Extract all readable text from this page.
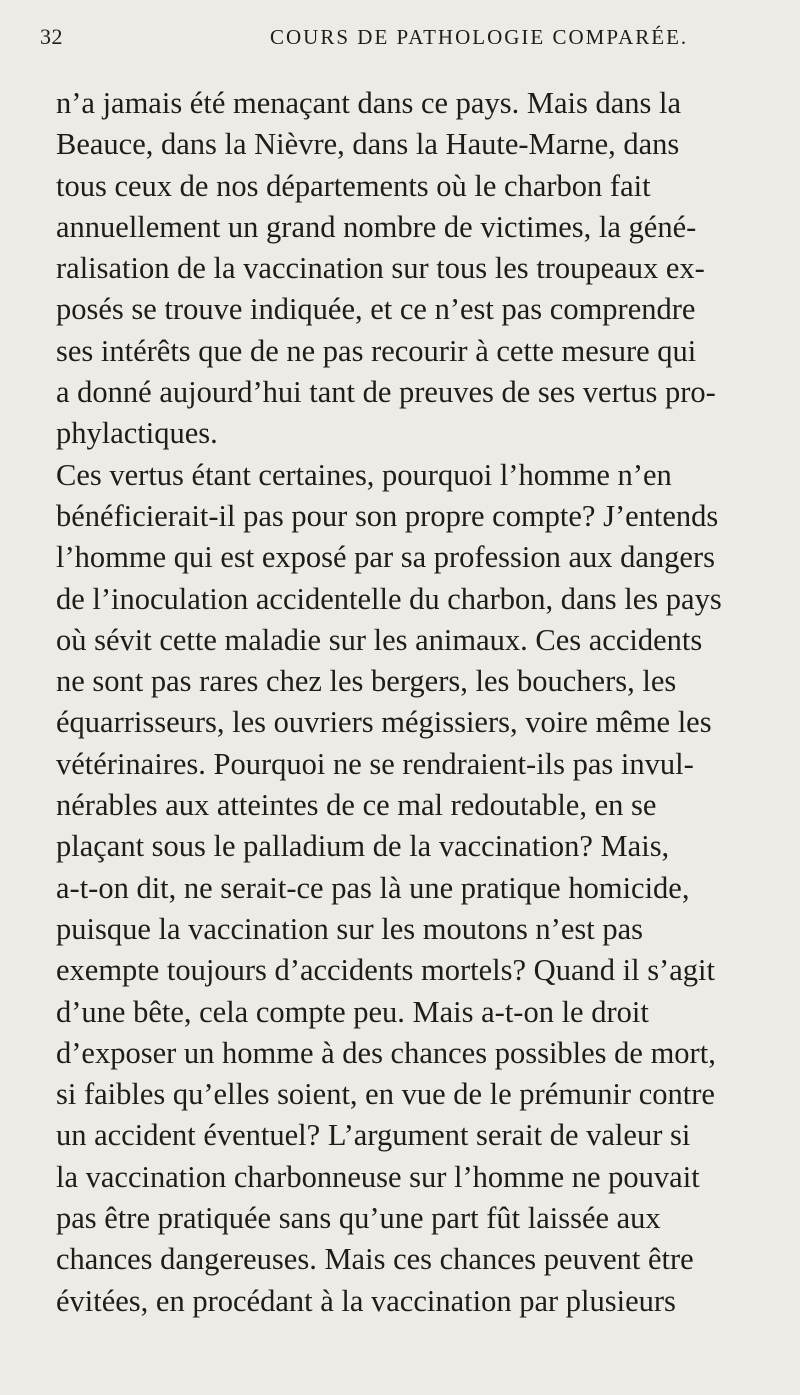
32	COURS DE PATHOLOGIE COMPARÉE.
n’a jamais été menaçant dans ce pays. Mais dans la
Beauce, dans la Nièvre, dans la Haute-Marne, dans
tous ceux de nos départements où le charbon fait
annuellement un grand nombre de victimes, la géné-
ralisation de la vaccination sur tous les troupeaux ex-
posés se trouve indiquée, et ce n’est pas comprendre
ses intérêts que de ne pas recourir à cette mesure qui
a donné aujourd’hui tant de preuves de ses vertus pro-
phylactiques.
Ces vertus étant certaines, pourquoi l’homme n’en
bénéficierait-il pas pour son propre compte? J’entends
l’homme qui est exposé par sa profession aux dangers
de l’inoculation accidentelle du charbon, dans les pays
où sévit cette maladie sur les animaux. Ces accidents
ne sont pas rares chez les bergers, les bouchers, les
équarrisseurs, les ouvriers mégissiers, voire même les
vétérinaires. Pourquoi ne se rendraient-ils pas invul-
nérables aux atteintes de ce mal redoutable, en se
plaçant sous le palladium de la vaccination? Mais,
a-t-on dit, ne serait-ce pas là une pratique homicide,
puisque la vaccination sur les moutons n’est pas
exempte toujours d’accidents mortels? Quand il s’agit
d’une bête, cela compte peu. Mais a-t-on le droit
d’exposer un homme à des chances possibles de mort,
si faibles qu’elles soient, en vue de le prémunir contre
un accident éventuel? L’argument serait de valeur si
la vaccination charbonneuse sur l’homme ne pouvait
pas être pratiquée sans qu’une part fût laissée aux
chances dangereuses. Mais ces chances peuvent être
évitées, en procédant à la vaccination par plusieurs
